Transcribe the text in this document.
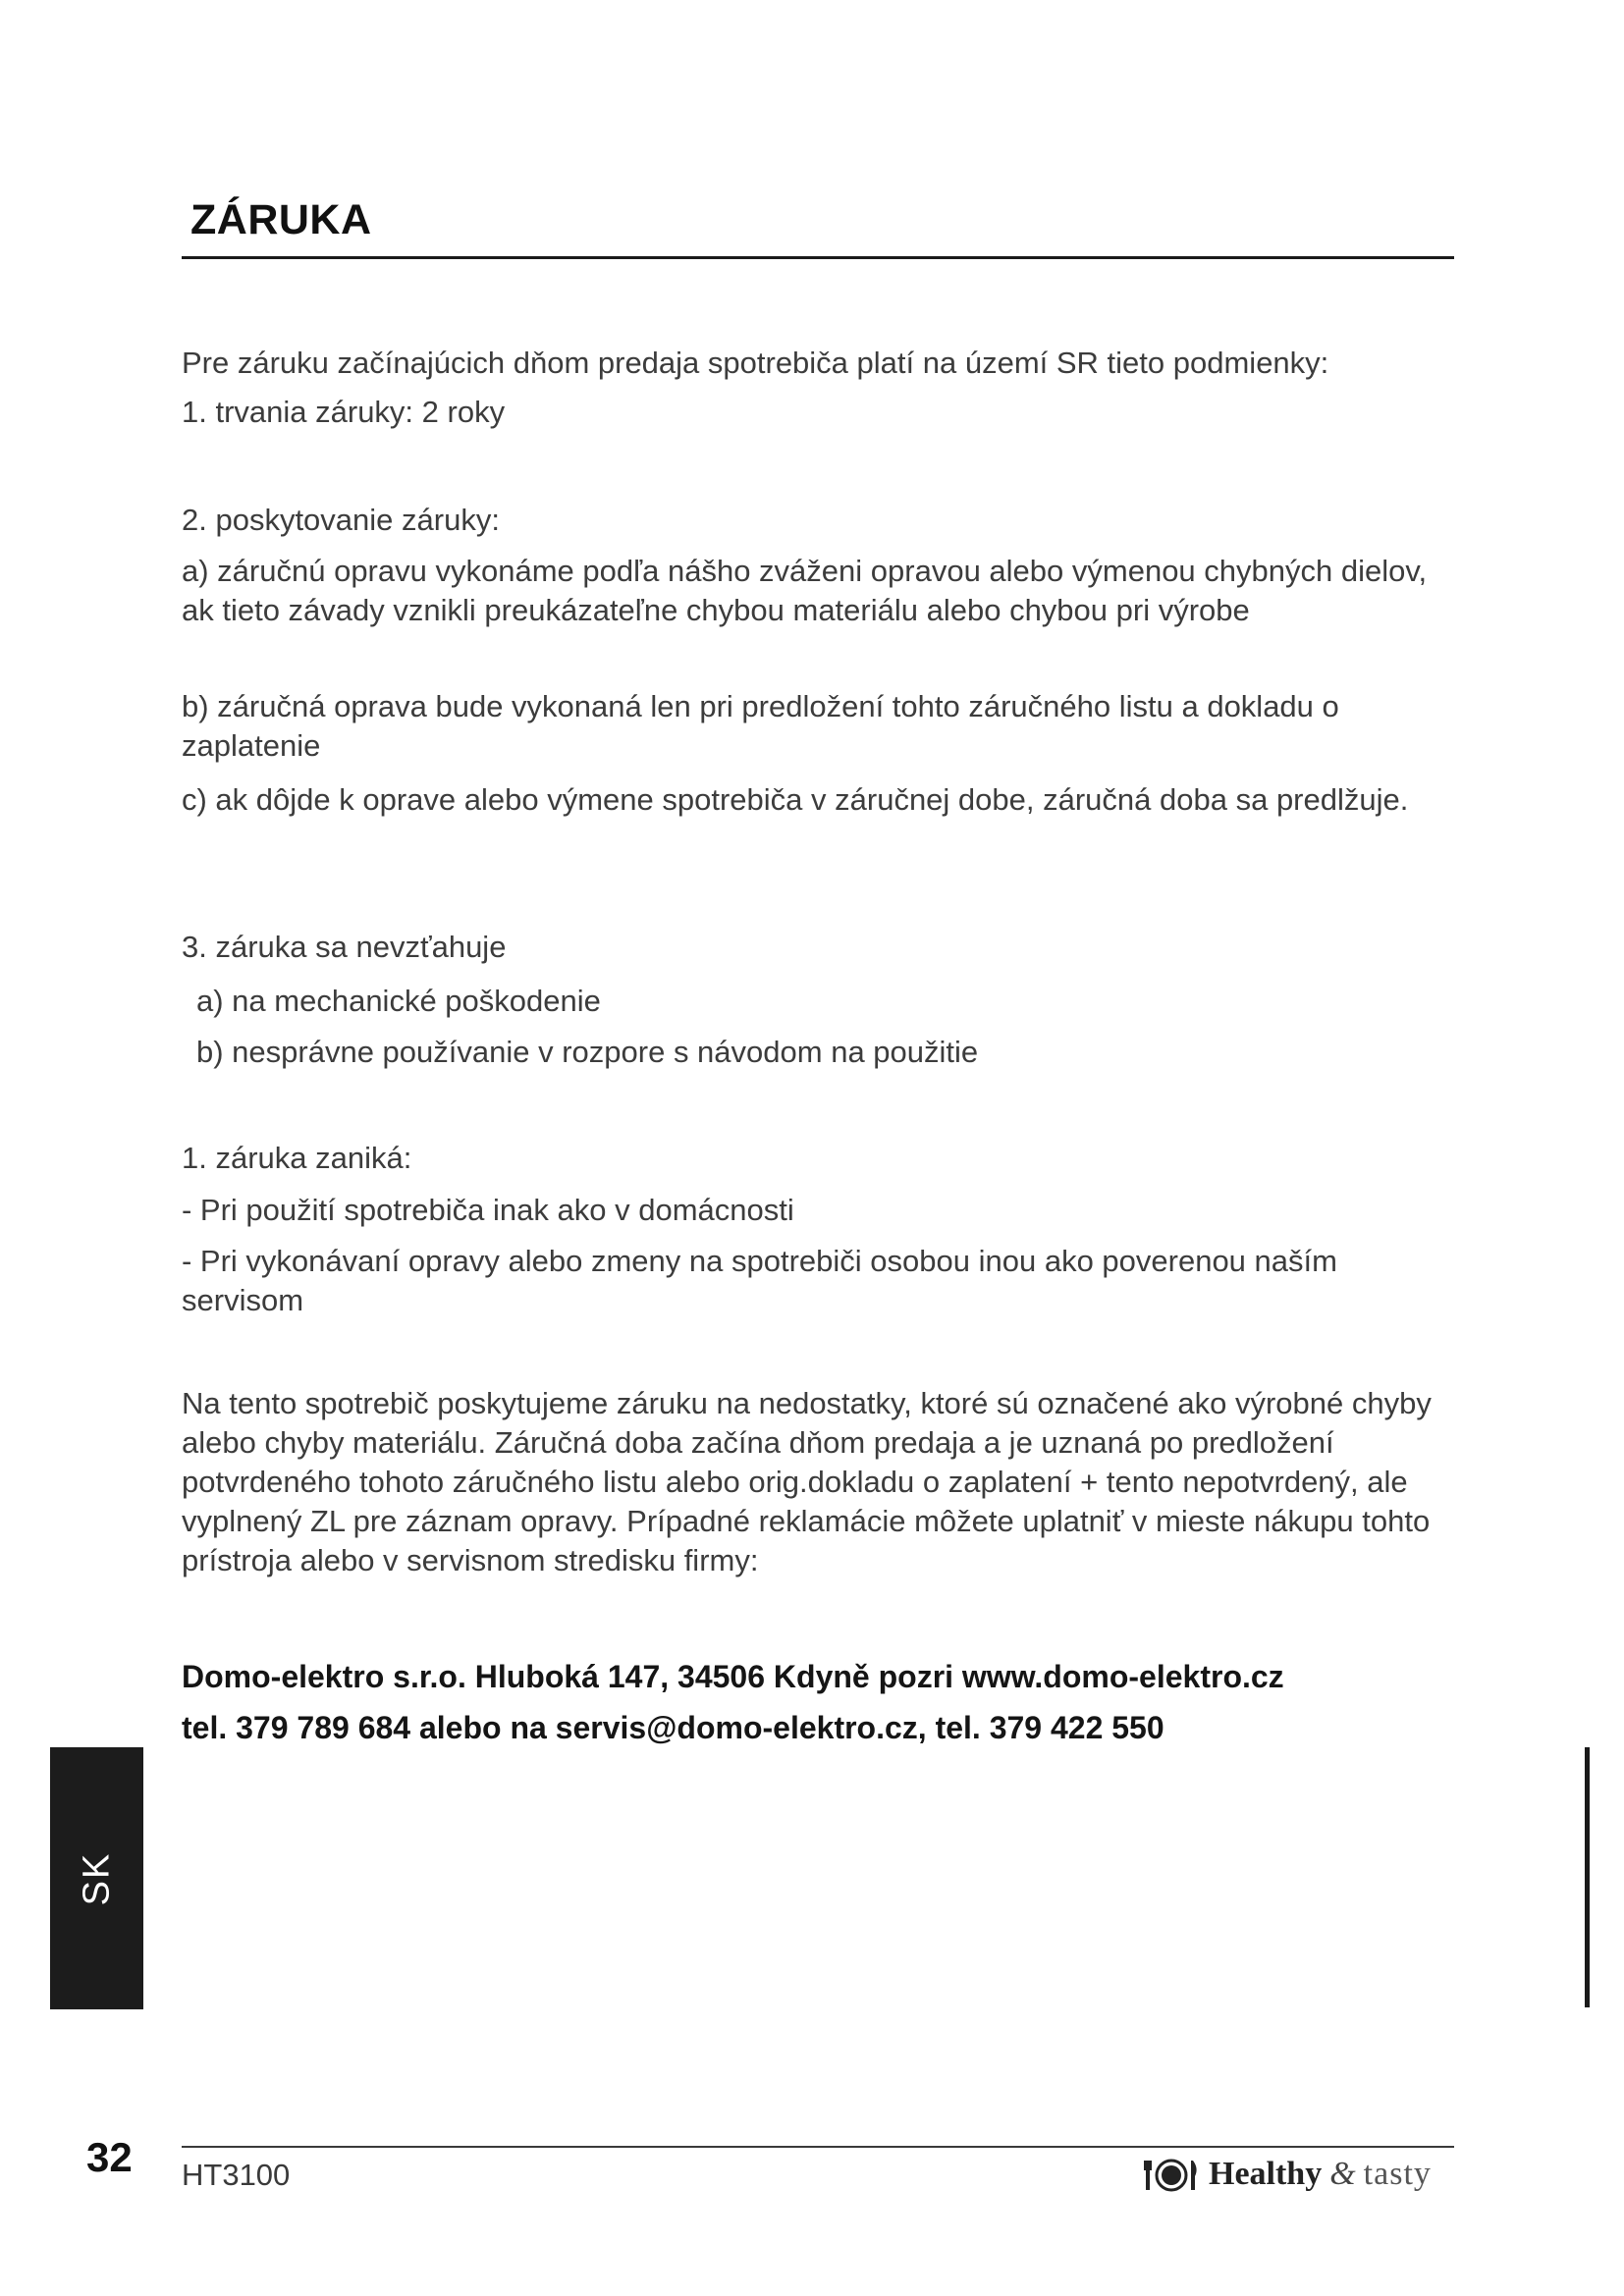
ZÁRUKA

Pre záruku začínajúcich dňom predaja spotrebiča platí na území SR tieto podmienky:

1. trvania záruky: 2 roky

2. poskytovanie záruky:

a) záručnú opravu vykonáme podľa nášho zváženi opravou alebo výmenou chybných dielov, ak tieto závady vznikli preukázateľne chybou materiálu alebo chybou pri výrobe

b) záručná oprava bude vykonaná len pri predložení tohto záručného listu a dokladu o zaplatenie

c) ak dôjde k oprave alebo výmene spotrebiča v záručnej dobe, záručná doba sa predlžuje.

3. záruka sa nevzťahuje

a) na mechanické poškodenie

b) nesprávne používanie v rozpore s návodom na použitie

1. záruka zaniká:

- Pri použití spotrebiča inak ako v domácnosti

- Pri vykonávaní opravy alebo zmeny na spotrebiči osobou inou ako poverenou naším servisom

Na tento spotrebič poskytujeme záruku na nedostatky, ktoré sú označené ako výrobné chyby alebo chyby materiálu. Záručná doba začína dňom predaja a je uznaná po predložení potvrdeného tohoto záručného listu alebo orig.dokladu o zaplatení + tento nepotvrdený, ale vyplnený ZL pre záznam opravy. Prípadné reklamácie môžete uplatniť v mieste nákupu tohto prístroja alebo v servisnom stredisku firmy:

Domo-elektro s.r.o. Hluboká 147, 34506 Kdyně pozri www.domo-elektro.cz
tel. 379 789 684 alebo na servis@domo-elektro.cz, tel. 379 422 550
SK
32 HT3100	Healthy & tasty
